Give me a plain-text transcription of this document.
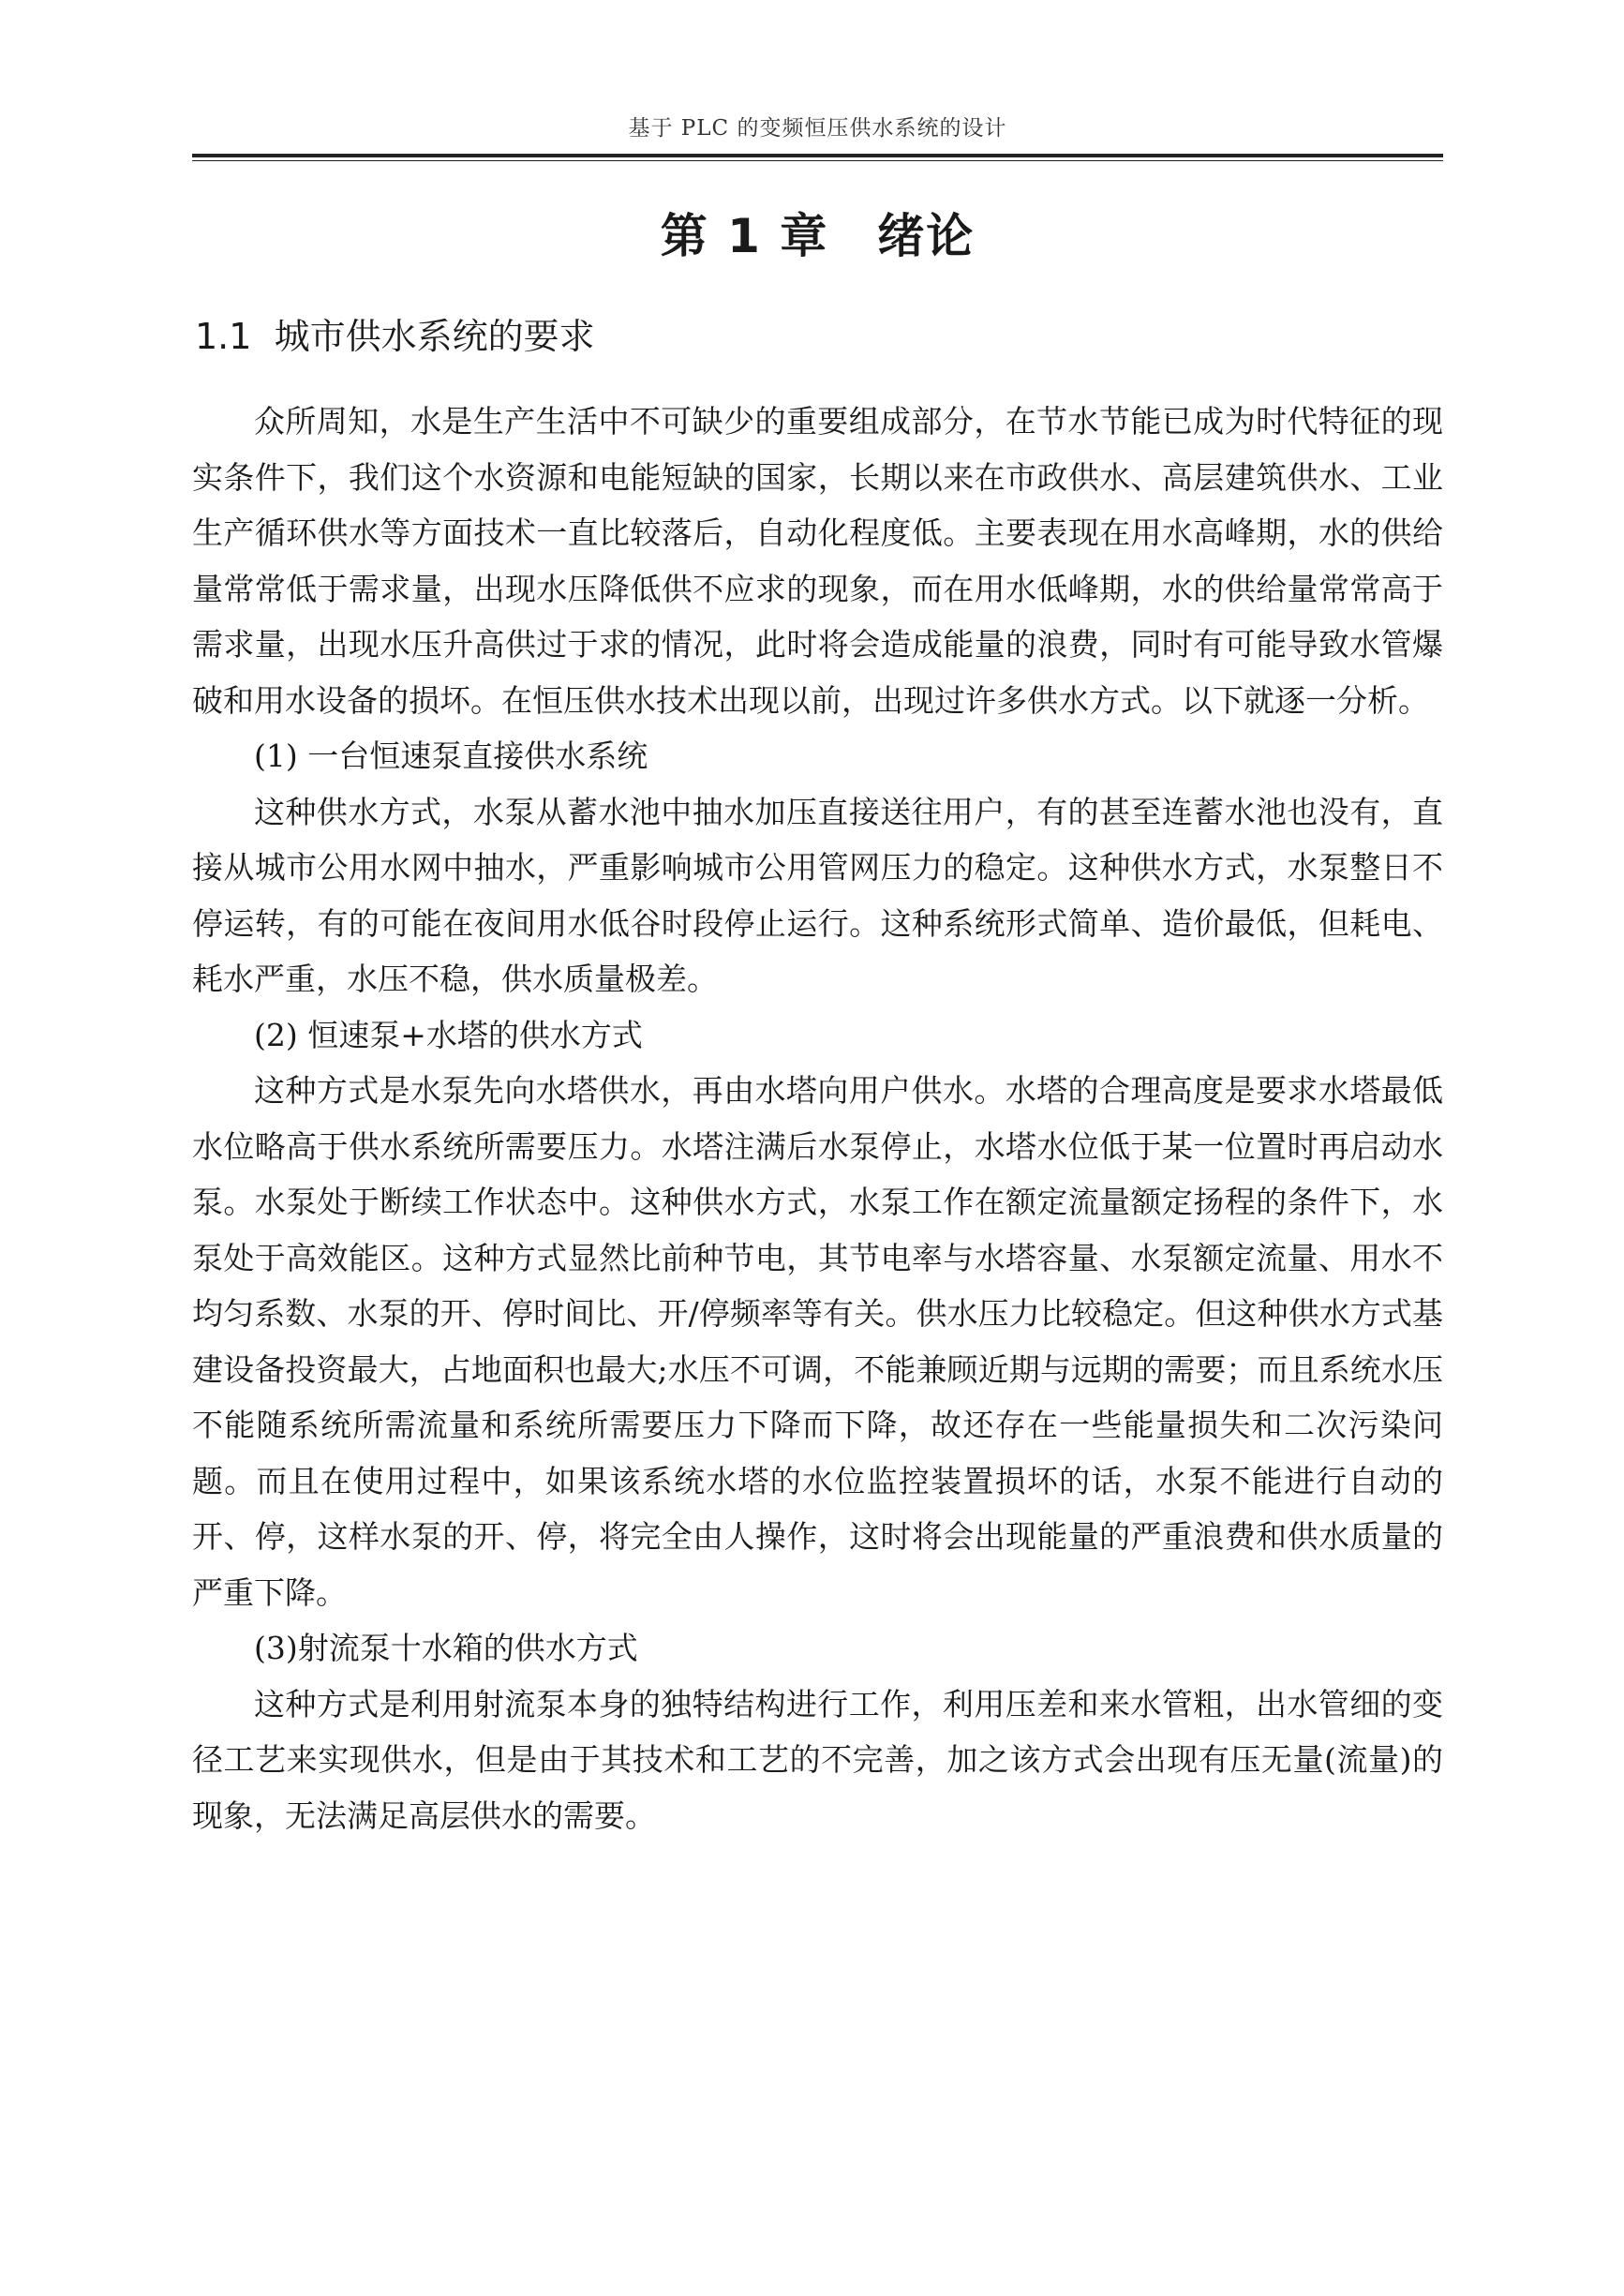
基于 PLC 的变频恒压供水系统的设计
第 1 章　绪论
1.1  城市供水系统的要求

众所周知，水是生产生活中不可缺少的重要组成部分，在节水节能已成为时代特征的现实条件下，我们这个水资源和电能短缺的国家，长期以来在市政供水、高层建筑供水、工业生产循环供水等方面技术一直比较落后，自动化程度低。主要表现在用水高峰期，水的供给量常常低于需求量，出现水压降低供不应求的现象，而在用水低峰期，水的供给量常常高于需求量，出现水压升高供过于求的情况，此时将会造成能量的浪费，同时有可能导致水管爆破和用水设备的损坏。在恒压供水技术出现以前，出现过许多供水方式。以下就逐一分析。

(1) 一台恒速泵直接供水系统

这种供水方式，水泵从蓄水池中抽水加压直接送往用户，有的甚至连蓄水池也没有，直接从城市公用水网中抽水，严重影响城市公用管网压力的稳定。这种供水方式，水泵整日不停运转，有的可能在夜间用水低谷时段停止运行。这种系统形式简单、造价最低，但耗电、耗水严重，水压不稳，供水质量极差。

(2) 恒速泵+水塔的供水方式

这种方式是水泵先向水塔供水，再由水塔向用户供水。水塔的合理高度是要求水塔最低水位略高于供水系统所需要压力。水塔注满后水泵停止，水塔水位低于某一位置时再启动水泵。水泵处于断续工作状态中。这种供水方式，水泵工作在额定流量额定扬程的条件下，水泵处于高效能区。这种方式显然比前种节电，其节电率与水塔容量、水泵额定流量、用水不均匀系数、水泵的开、停时间比、开/停频率等有关。供水压力比较稳定。但这种供水方式基建设备投资最大，占地面积也最大;水压不可调，不能兼顾近期与远期的需要；而且系统水压不能随系统所需流量和系统所需要压力下降而下降，故还存在一些能量损失和二次污染问题。而且在使用过程中，如果该系统水塔的水位监控装置损坏的话，水泵不能进行自动的开、停，这样水泵的开、停，将完全由人操作，这时将会出现能量的严重浪费和供水质量的严重下降。

(3)射流泵十水箱的供水方式

这种方式是利用射流泵本身的独特结构进行工作，利用压差和来水管粗，出水管细的变径工艺来实现供水，但是由于其技术和工艺的不完善，加之该方式会出现有压无量(流量)的现象，无法满足高层供水的需要。
